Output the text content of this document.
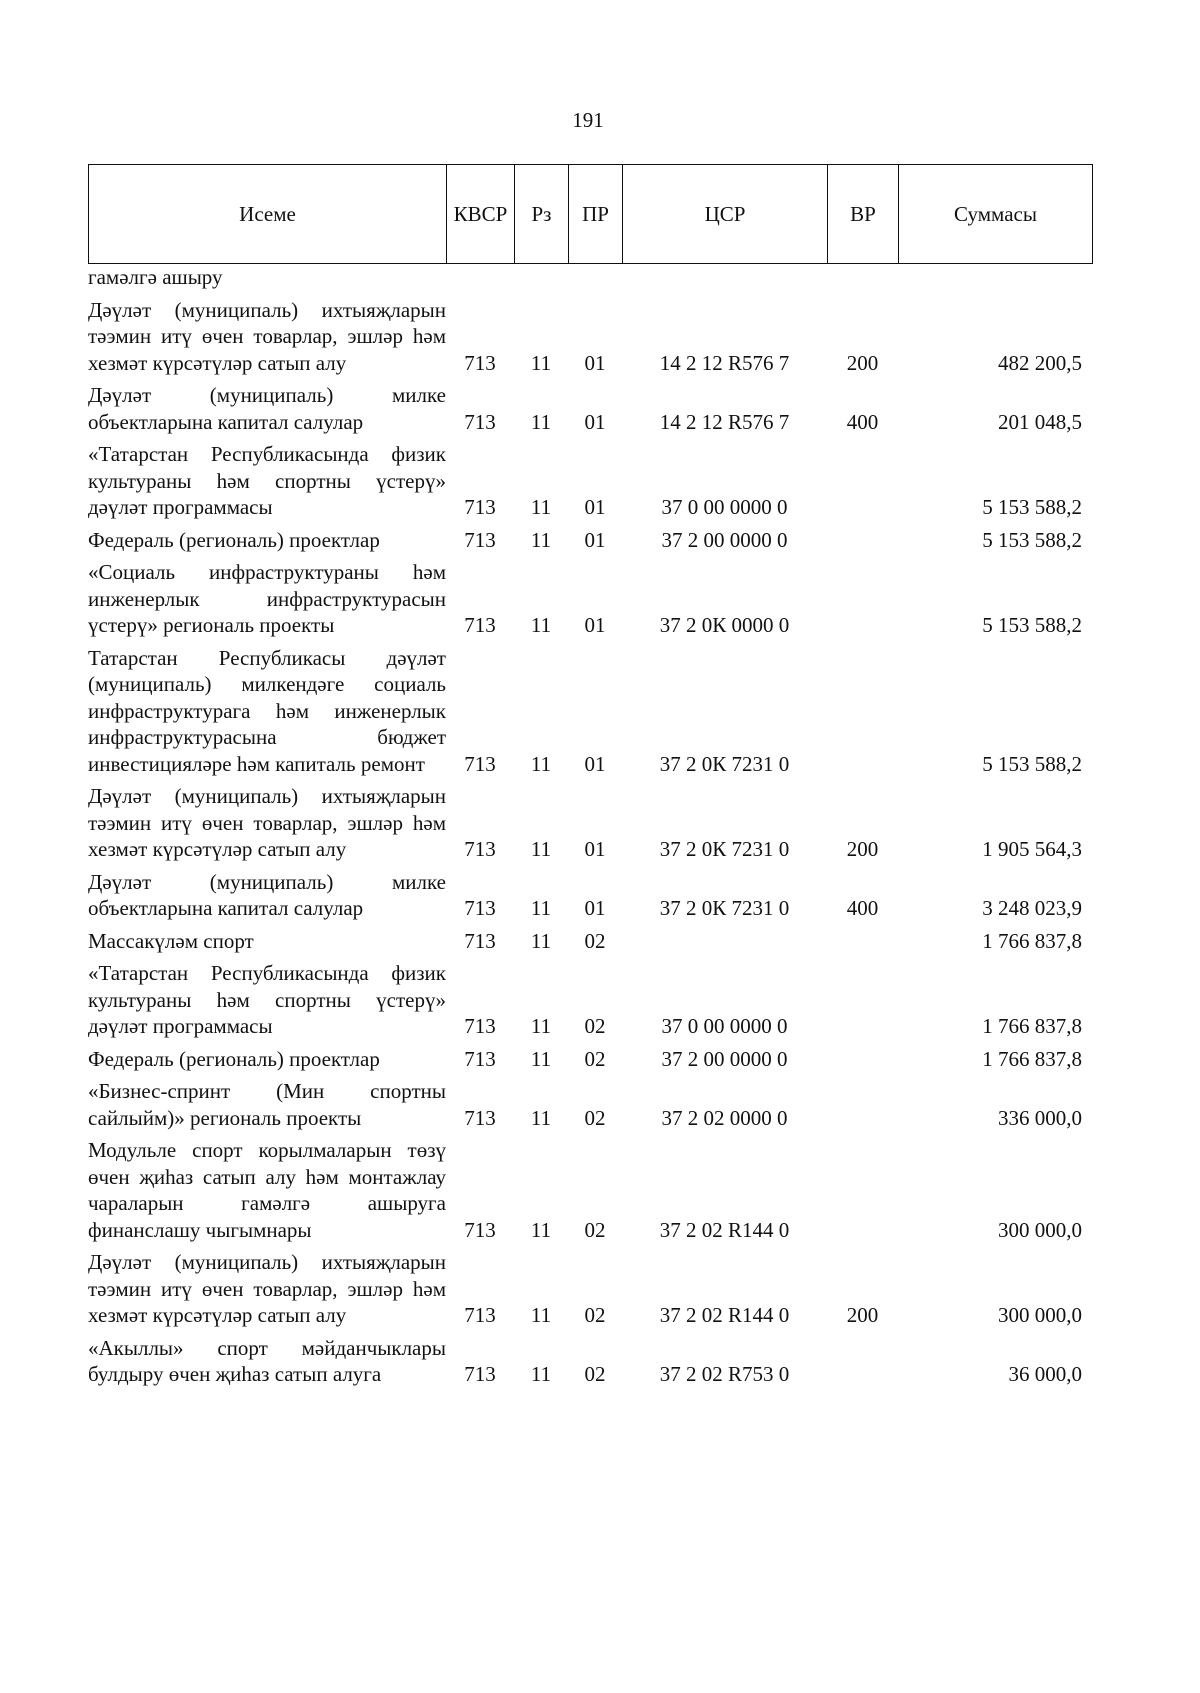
191
Исеме	КВСР	Рз	ПР	ЦСР	ВР	Суммасы
гамәлгә ашыру						
Дәүләт (муниципаль) ихтыяҗларын тәэмин итү өчен товарлар, эшләр һәм хезмәт күрсәтүләр сатып алу	713	11	01	14 2 12 R576 7	200	482 200,5
Дәүләт (муниципаль) милке объектларына капитал салулар	713	11	01	14 2 12 R576 7	400	201 048,5
«Татарстан Республикасында физик культураны һәм спортны үстерү» дәүләт программасы	713	11	01	37 0 00 0000 0		5 153 588,2
Федераль (региональ) проектлар	713	11	01	37 2 00 0000 0		5 153 588,2
«Социаль инфраструктураны һәм инженерлык инфраструктурасын үстерү» региональ проекты	713	11	01	37 2 0К 0000 0		5 153 588,2
Татарстан Республикасы дәүләт (муниципаль) милкендәге социаль инфраструктурага һәм инженерлык инфраструктурасына бюджет инвестицияләре һәм капиталь ремонт	713	11	01	37 2 0К 7231 0		5 153 588,2
Дәүләт (муниципаль) ихтыяҗларын тәэмин итү өчен товарлар, эшләр һәм хезмәт күрсәтүләр сатып алу	713	11	01	37 2 0К 7231 0	200	1 905 564,3
Дәүләт (муниципаль) милке объектларына капитал салулар	713	11	01	37 2 0К 7231 0	400	3 248 023,9
Массакүләм спорт	713	11	02			1 766 837,8
«Татарстан Республикасында физик культураны һәм спортны үстерү» дәүләт программасы	713	11	02	37 0 00 0000 0		1 766 837,8
Федераль (региональ) проектлар	713	11	02	37 2 00 0000 0		1 766 837,8
«Бизнес-спринт (Мин спортны сайлыйм)» региональ проекты	713	11	02	37 2 02 0000 0		336 000,0
Модульле спорт корылмаларын төзү өчен җиһаз сатып алу һәм монтажлау чараларын гамәлгә ашыруга финанслашу чыгымнары	713	11	02	37 2 02 R144 0		300 000,0
Дәүләт (муниципаль) ихтыяҗларын тәэмин итү өчен товарлар, эшләр һәм хезмәт күрсәтүләр сатып алу	713	11	02	37 2 02 R144 0	200	300 000,0
«Акыллы» спорт мәйданчыклары булдыру өчен җиһаз сатып алуга	713	11	02	37 2 02 R753 0		36 000,0
